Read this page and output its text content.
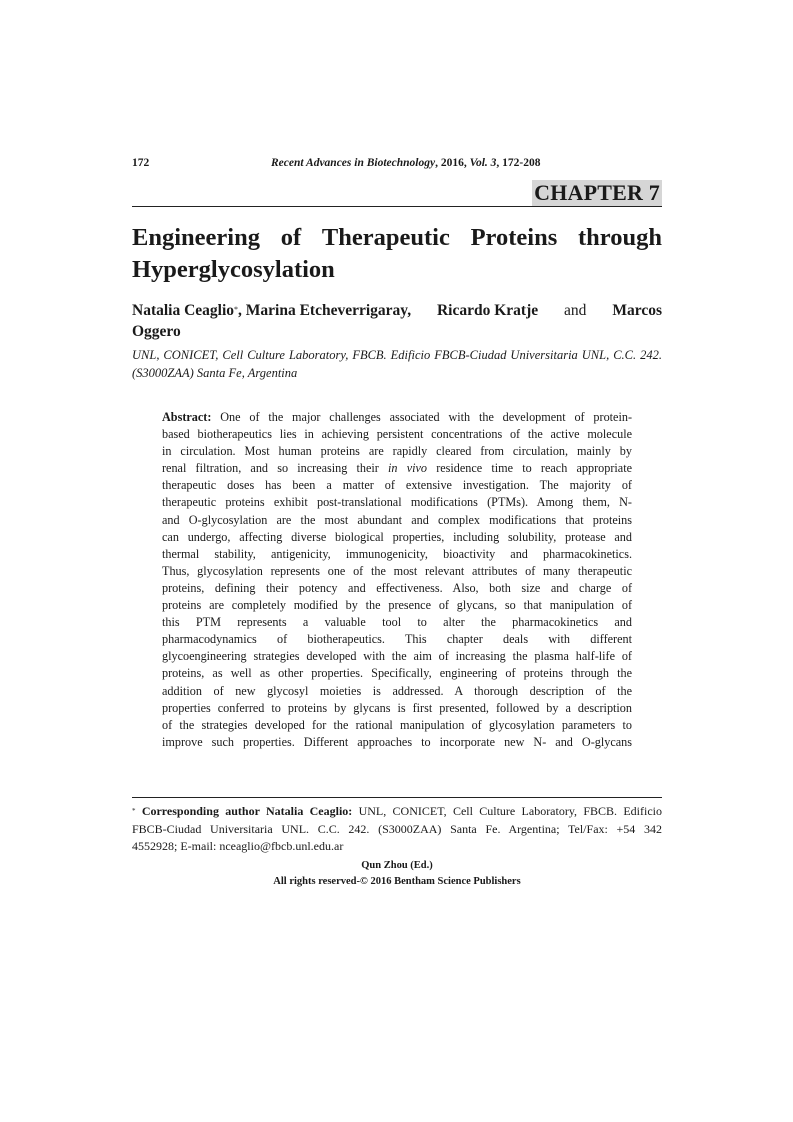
172	Recent Advances in Biotechnology, 2016, Vol. 3, 172-208
CHAPTER 7
Engineering of Therapeutic Proteins through
Hyperglycosylation
Natalia Ceaglio*, Marina Etcheverrigaray, Ricardo Kratje and Marcos
Oggero
UNL, CONICET, Cell Culture Laboratory, FBCB. Edificio FBCB-Ciudad Universitaria UNL, C.C. 242. (S3000ZAA) Santa Fe, Argentina
Abstract: One of the major challenges associated with the development of protein-
based biotherapeutics lies in achieving persistent concentrations of the active molecule
in circulation. Most human proteins are rapidly cleared from circulation, mainly by
renal filtration, and so increasing their in vivo residence time to reach appropriate
therapeutic doses has been a matter of extensive investigation. The majority of
therapeutic proteins exhibit post-translational modifications (PTMs). Among them, N-
and O-glycosylation are the most abundant and complex modifications that proteins
can undergo, affecting diverse biological properties, including solubility, protease and
thermal stability, antigenicity, immunogenicity, bioactivity and pharmacokinetics.
Thus, glycosylation represents one of the most relevant attributes of many therapeutic
proteins, defining their potency and effectiveness. Also, both size and charge of
proteins are completely modified by the presence of glycans, so that manipulation of
this PTM represents a valuable tool to alter the pharmacokinetics and
pharmacodynamics of biotherapeutics. This chapter deals with different
glycoengineering strategies developed with the aim of increasing the plasma half-life of
proteins, as well as other properties. Specifically, engineering of proteins through the
addition of new glycosyl moieties is addressed. A thorough description of the
properties conferred to proteins by glycans is first presented, followed by a description
of the strategies developed for the rational manipulation of glycosylation parameters to
improve such properties. Different approaches to incorporate new N- and O-glycans
* Corresponding author Natalia Ceaglio: UNL, CONICET, Cell Culture Laboratory, FBCB. Edificio
FBCB-Ciudad Universitaria UNL. C.C. 242. (S3000ZAA) Santa Fe. Argentina; Tel/Fax: +54 342
4552928; E-mail: nceaglio@fbcb.unl.edu.ar
Qun Zhou (Ed.)
All rights reserved-© 2016 Bentham Science Publishers
